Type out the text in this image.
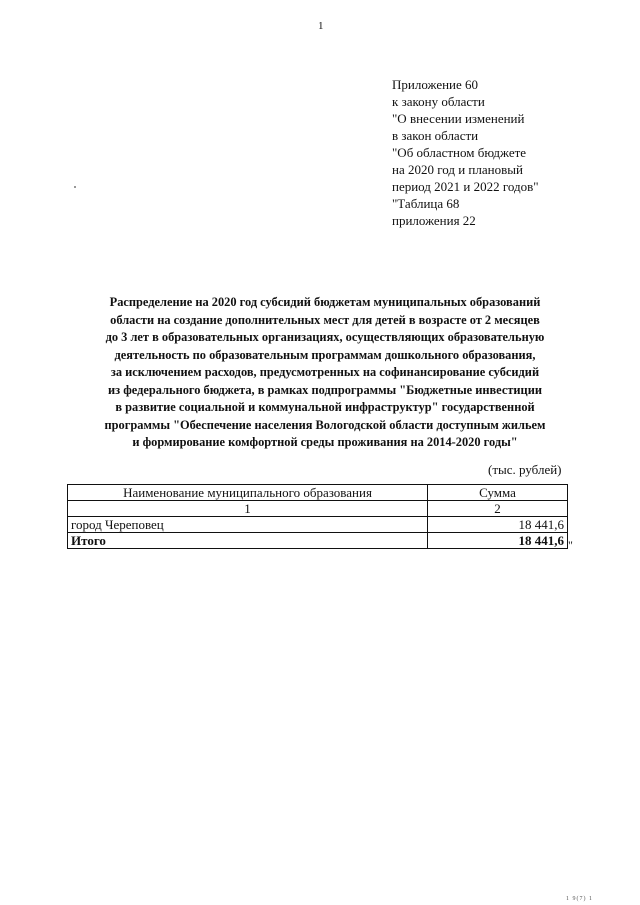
1
Приложение 60
к закону области
"О внесении изменений
в закон области
"Об областном бюджете
на 2020 год и плановый
период 2021 и 2022 годов"
"Таблица 68
приложения 22
Распределение на 2020 год субсидий бюджетам муниципальных образований
области на создание дополнительных мест для детей в возрасте от 2 месяцев
до 3 лет в образовательных организациях, осуществляющих образовательную
деятельность по образовательным программам дошкольного образования,
за исключением расходов, предусмотренных на софинансирование субсидий
из федерального бюджета, в рамках подпрограммы "Бюджетные инвестиции
в развитие социальной и коммунальной инфраструктур" государственной
программы "Обеспечение населения Вологодской области доступным жильем
и формирование комфортной среды проживания на 2014-2020 годы"
(тыс. рублей)
Наименование муниципального образования	Сумма
1	2
город Череповец	18 441,6
Итого	18 441,6 "
1 9(7) 1
